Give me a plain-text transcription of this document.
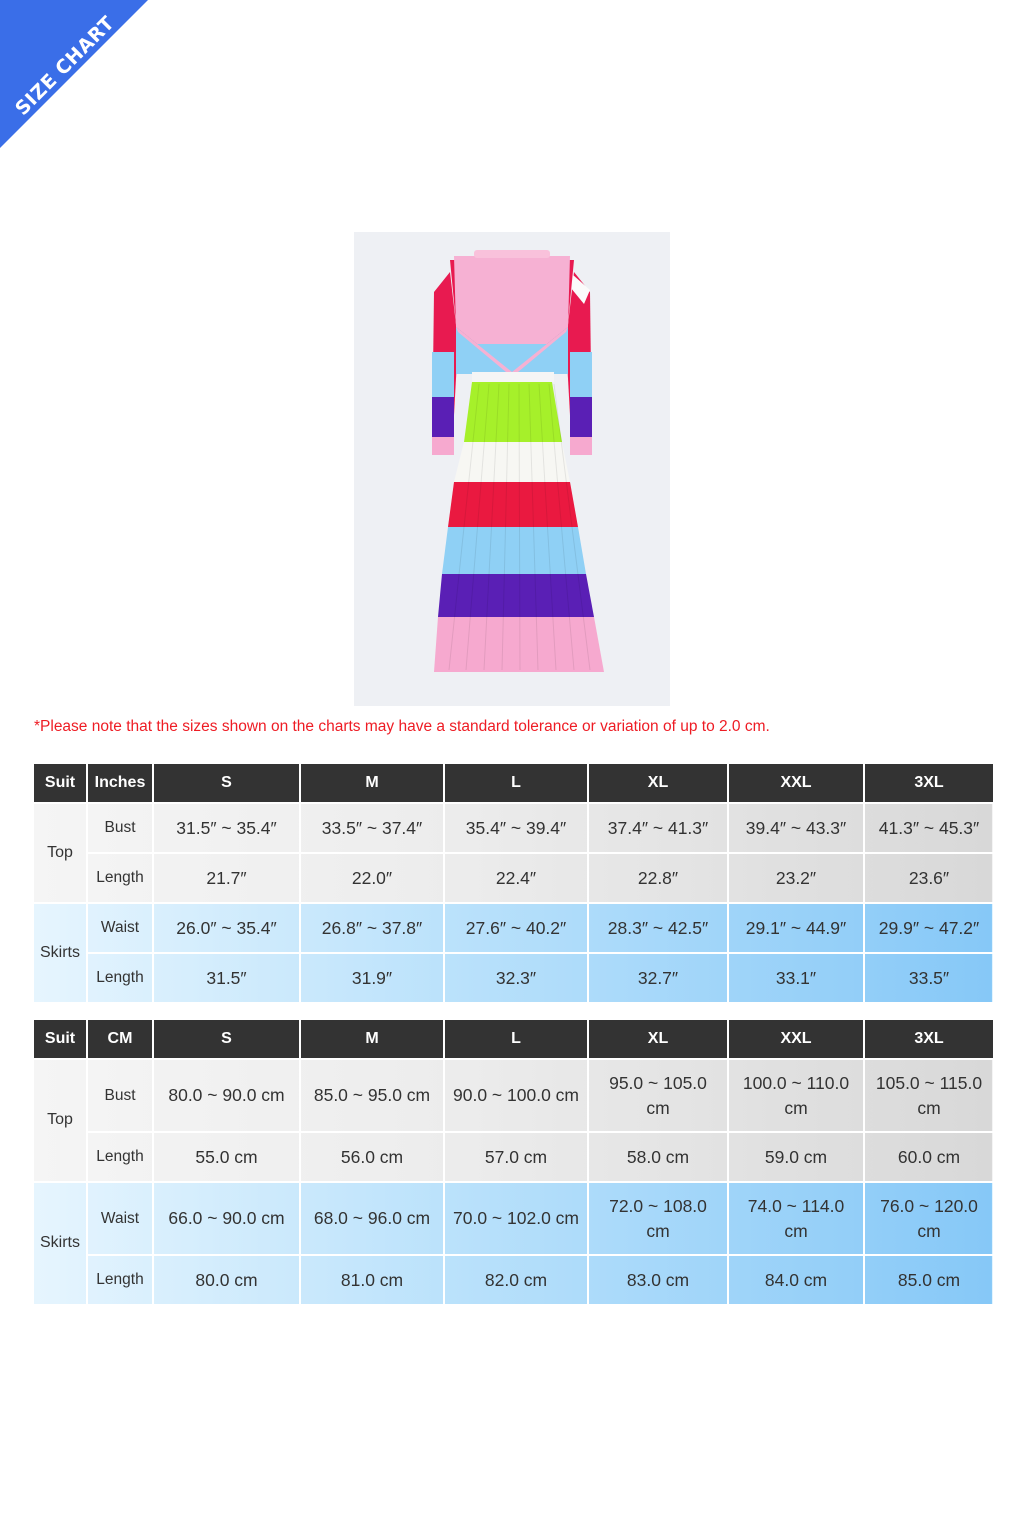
SIZE CHART
*Please note that the sizes shown on the charts may have a standard tolerance or variation of up to 2.0 cm.
Suit	Inches	S	M	L	XL	XXL	3XL
Top	Bust	31.5″ ~ 35.4″	33.5″ ~ 37.4″	35.4″ ~ 39.4″	37.4″ ~ 41.3″	39.4″ ~ 43.3″	41.3″ ~ 45.3″
	Length	21.7″	22.0″	22.4″	22.8″	23.2″	23.6″
Skirts	Waist	26.0″ ~ 35.4″	26.8″ ~ 37.8″	27.6″ ~ 40.2″	28.3″ ~ 42.5″	29.1″ ~ 44.9″	29.9″ ~ 47.2″
	Length	31.5″	31.9″	32.3″	32.7″	33.1″	33.5″
Suit	CM	S	M	L	XL	XXL	3XL
Top	Bust	80.0 ~ 90.0 cm	85.0 ~ 95.0 cm	90.0 ~ 100.0 cm	95.0 ~ 105.0 cm	100.0 ~ 110.0 cm	105.0 ~ 115.0 cm
	Length	55.0 cm	56.0 cm	57.0 cm	58.0 cm	59.0 cm	60.0 cm
Skirts	Waist	66.0 ~ 90.0 cm	68.0 ~ 96.0 cm	70.0 ~ 102.0 cm	72.0 ~ 108.0 cm	74.0 ~ 114.0 cm	76.0 ~ 120.0 cm
	Length	80.0 cm	81.0 cm	82.0 cm	83.0 cm	84.0 cm	85.0 cm
